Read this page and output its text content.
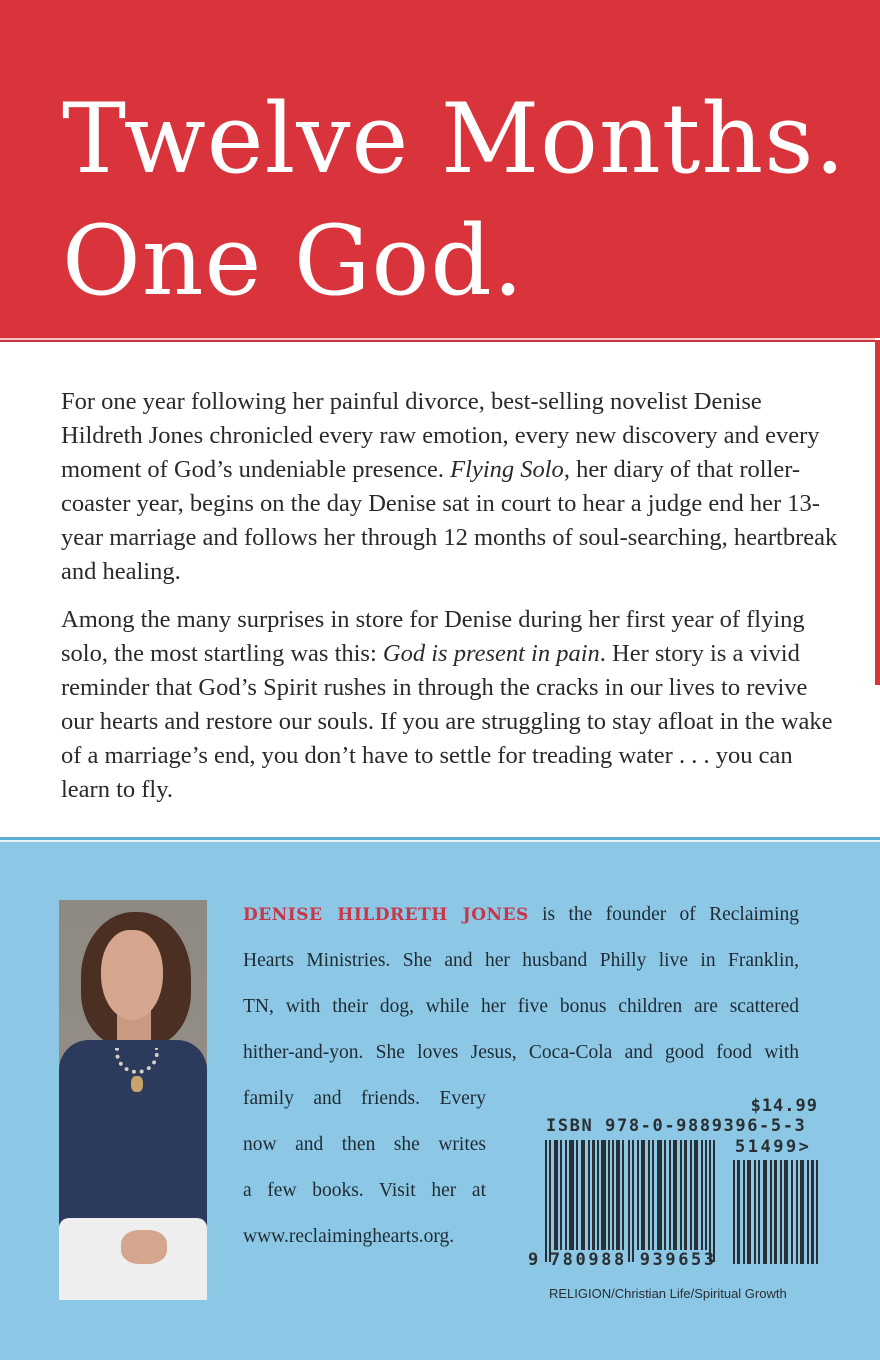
Twelve Months.
One God.

For one year following her painful divorce, best-selling novelist Denise Hildreth Jones chronicled every raw emotion, every new discovery and every moment of God’s undeniable presence. Flying Solo, her diary of that roller-coaster year, begins on the day Denise sat in court to hear a judge end her 13-year marriage and follows her through 12 months of soul-searching, heartbreak and healing.

Among the many surprises in store for Denise during her first year of flying solo, the most startling was this: God is present in pain. Her story is a vivid reminder that God’s Spirit rushes in through the cracks in our lives to revive our hearts and restore our souls. If you are struggling to stay afloat in the wake of a marriage’s end, you don’t have to settle for treading water . . . you can learn to fly.

DENISE HILDRETH JONES is the founder of Reclaiming
Hearts Ministries. She and her husband Philly live in Franklin,
TN, with their dog, while her five bonus children are scattered
hither-and-yon. She loves Jesus, Coca-Cola and good food with
family and friends. Every
now and then she writes
a few books. Visit her at
www.reclaiminghearts.org.
$14.99
ISBN 978-0-9889396-5-3
51499>
9 780988 939653
RELIGION/Christian Life/Spiritual Growth
